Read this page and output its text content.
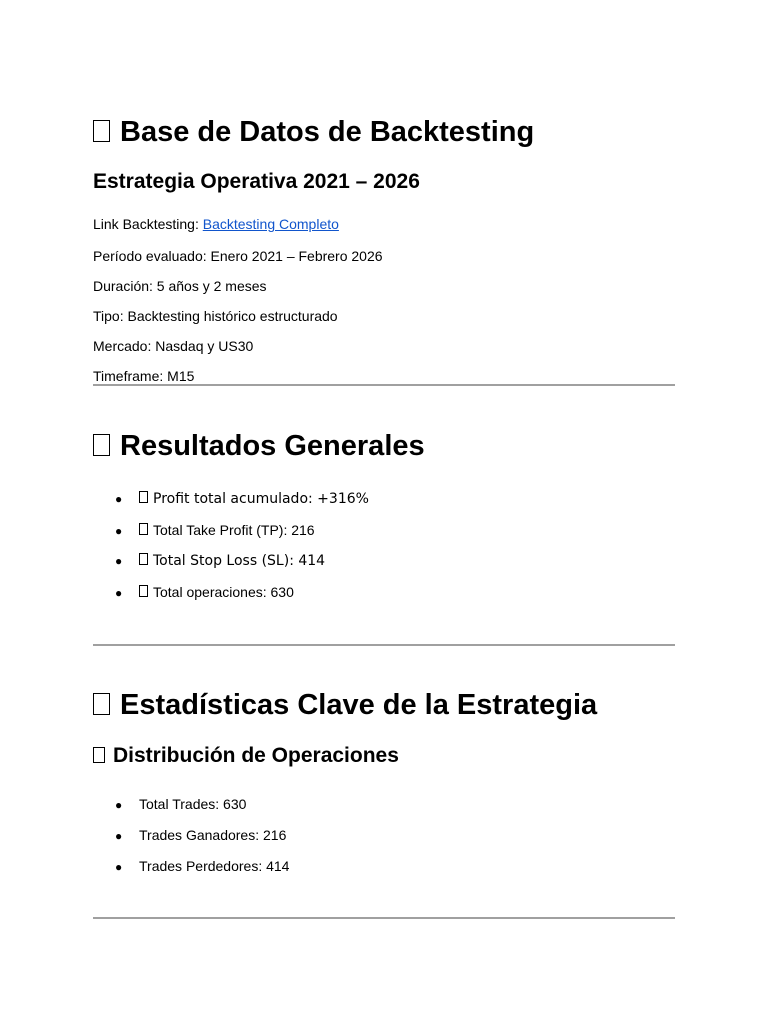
Base de Datos de Backtesting
Estrategia Operativa 2021 – 2026
Link Backtesting: Backtesting Completo
Período evaluado: Enero 2021 – Febrero 2026
Duración: 5 años y 2 meses
Tipo: Backtesting histórico estructurado
Mercado: Nasdaq y US30
Timeframe: M15
Resultados Generales
● Profit total acumulado: +316%
● Total Take Profit (TP): 216
● Total Stop Loss (SL): 414
● Total operaciones: 630
Estadísticas Clave de la Estrategia
Distribución de Operaciones
● Total Trades: 630
● Trades Ganadores: 216
● Trades Perdedores: 414
